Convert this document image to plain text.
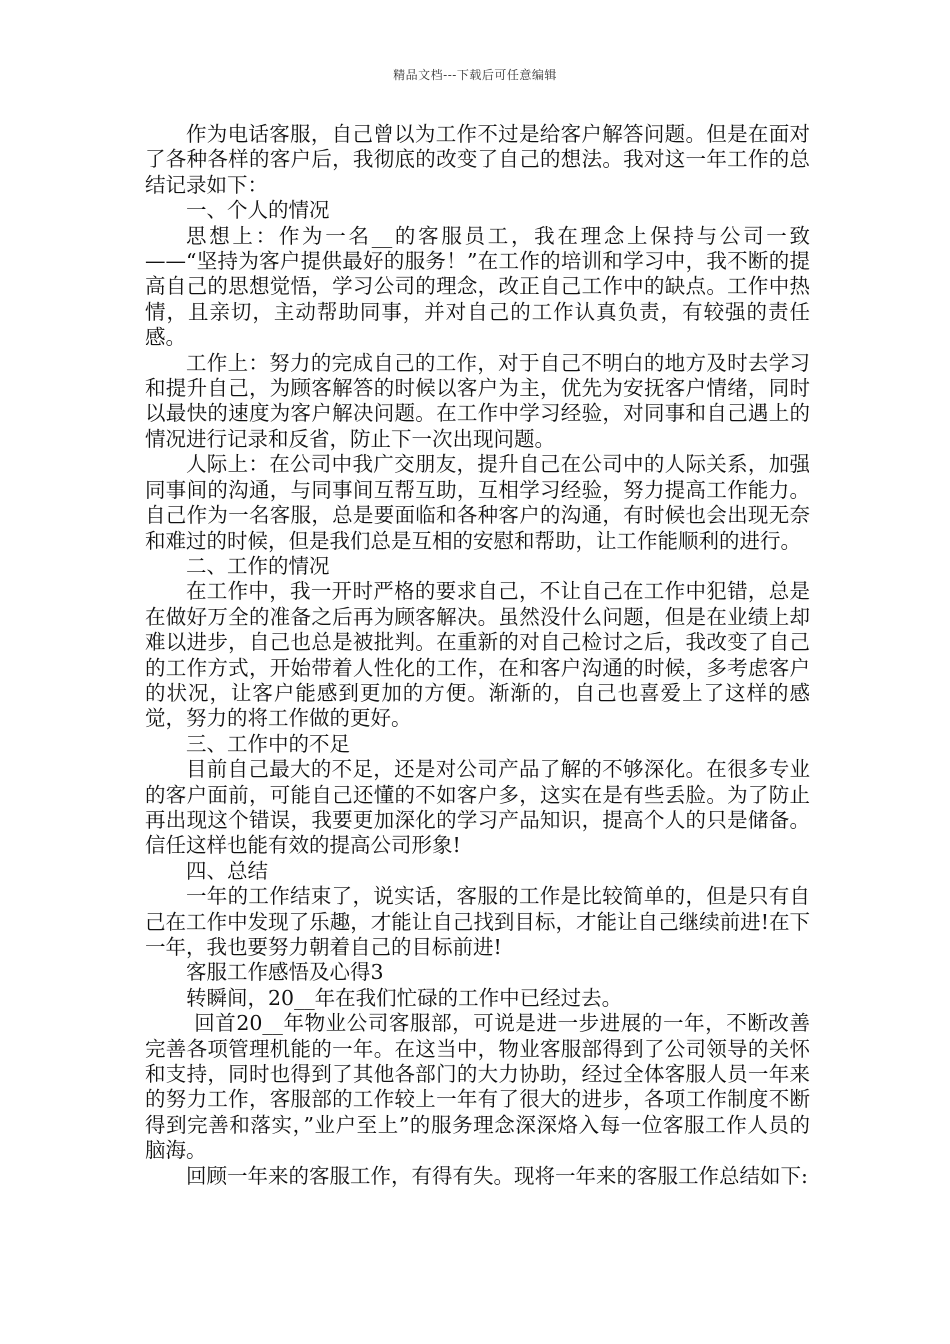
精品文档---下载后可任意编辑

作为电话客服，自己曾以为工作不过是给客户解答问题。但是在面对了各种各样的客户后，我彻底的改变了自己的想法。我对这一年工作的总结记录如下：

一、个人的情况

思想上：作为一名__的客服员工，我在理念上保持与公司一致——“坚持为客户提供最好的服务！”在工作的培训和学习中，我不断的提高自己的思想觉悟，学习公司的理念，改正自己工作中的缺点。工作中热情，且亲切，主动帮助同事，并对自己的工作认真负责，有较强的责任感。

工作上：努力的完成自己的工作，对于自己不明白的地方及时去学习和提升自己，为顾客解答的时候以客户为主，优先为安抚客户情绪，同时以最快的速度为客户解决问题。在工作中学习经验，对同事和自己遇上的情况进行记录和反省，防止下一次出现问题。

人际上：在公司中我广交朋友，提升自己在公司中的人际关系，加强同事间的沟通，与同事间互帮互助，互相学习经验，努力提高工作能力。自己作为一名客服，总是要面临和各种客户的沟通，有时候也会出现无奈和难过的时候，但是我们总是互相的安慰和帮助，让工作能顺利的进行。

二、工作的情况

在工作中，我一开时严格的要求自己，不让自己在工作中犯错，总是在做好万全的准备之后再为顾客解决。虽然没什么问题，但是在业绩上却难以进步，自己也总是被批判。在重新的对自己检讨之后，我改变了自己的工作方式，开始带着人性化的工作，在和客户沟通的时候，多考虑客户的状况，让客户能感到更加的方便。渐渐的，自己也喜爱上了这样的感觉，努力的将工作做的更好。

三、工作中的不足

目前自己最大的不足，还是对公司产品了解的不够深化。在很多专业的客户面前，可能自己还懂的不如客户多，这实在是有些丢脸。为了防止再出现这个错误，我要更加深化的学习产品知识，提高个人的只是储备。信任这样也能有效的提高公司形象!

四、总结

一年的工作结束了，说实话，客服的工作是比较简单的，但是只有自己在工作中发现了乐趣，才能让自己找到目标，才能让自己继续前进!在下一年，我也要努力朝着自己的目标前进!

客服工作感悟及心得3

转瞬间，20__年在我们忙碌的工作中已经过去。

回首20__年物业公司客服部，可说是进一步进展的一年，不断改善完善各项管理机能的一年。在这当中，物业客服部得到了公司领导的关怀和支持，同时也得到了其他各部门的大力协助，经过全体客服人员一年来的努力工作，客服部的工作较上一年有了很大的进步，各项工作制度不断得到完善和落实，”业户至上”的服务理念深深烙入每一位客服工作人员的脑海。

回顾一年来的客服工作，有得有失。现将一年来的客服工作总结如下:
